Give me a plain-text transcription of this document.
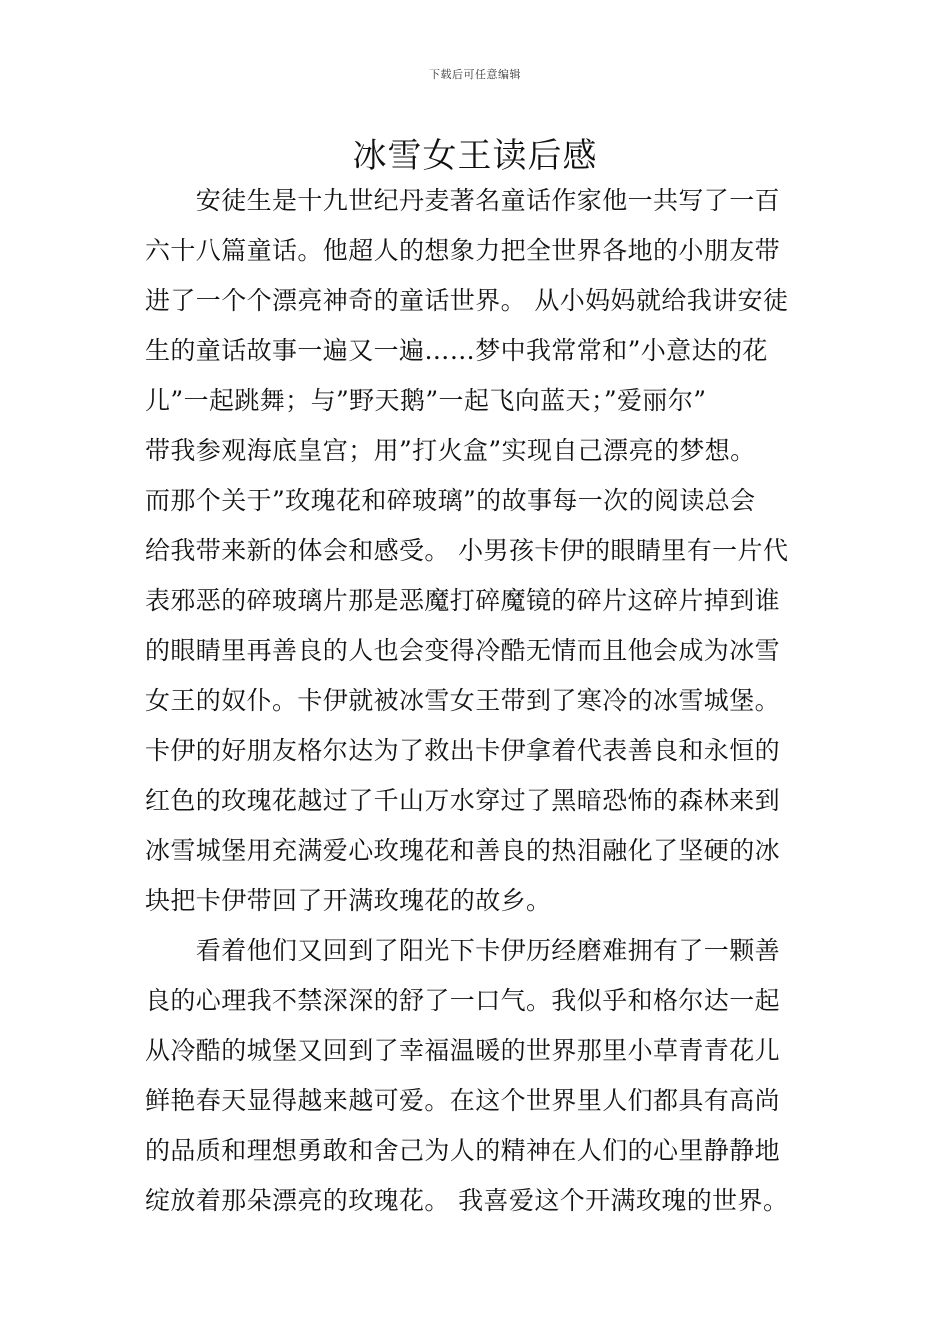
下载后可任意编辑
冰雪女王读后感
　　安徒生是十九世纪丹麦著名童话作家他一共写了一百
六十八篇童话。他超人的想象力把全世界各地的小朋友带
进了一个个漂亮神奇的童话世界。 从小妈妈就给我讲安徒
生的童话故事一遍又一遍……梦中我常常和”小意达的花
儿”一起跳舞；与”野天鹅”一起飞向蓝天；”爱丽尔”
带我参观海底皇宫；用”打火盒”实现自己漂亮的梦想。
而那个关于”玫瑰花和碎玻璃”的故事每一次的阅读总会
给我带来新的体会和感受。 小男孩卡伊的眼睛里有一片代
表邪恶的碎玻璃片那是恶魔打碎魔镜的碎片这碎片掉到谁
的眼睛里再善良的人也会变得冷酷无情而且他会成为冰雪
女王的奴仆。卡伊就被冰雪女王带到了寒冷的冰雪城堡。
卡伊的好朋友格尔达为了救出卡伊拿着代表善良和永恒的
红色的玫瑰花越过了千山万水穿过了黑暗恐怖的森林来到
冰雪城堡用充满爱心玫瑰花和善良的热泪融化了坚硬的冰
块把卡伊带回了开满玫瑰花的故乡。
　　看着他们又回到了阳光下卡伊历经磨难拥有了一颗善
良的心理我不禁深深的舒了一口气。我似乎和格尔达一起
从冷酷的城堡又回到了幸福温暖的世界那里小草青青花儿
鲜艳春天显得越来越可爱。在这个世界里人们都具有高尚
的品质和理想勇敢和舍己为人的精神在人们的心里静静地
绽放着那朵漂亮的玫瑰花。 我喜爱这个开满玫瑰的世界。
